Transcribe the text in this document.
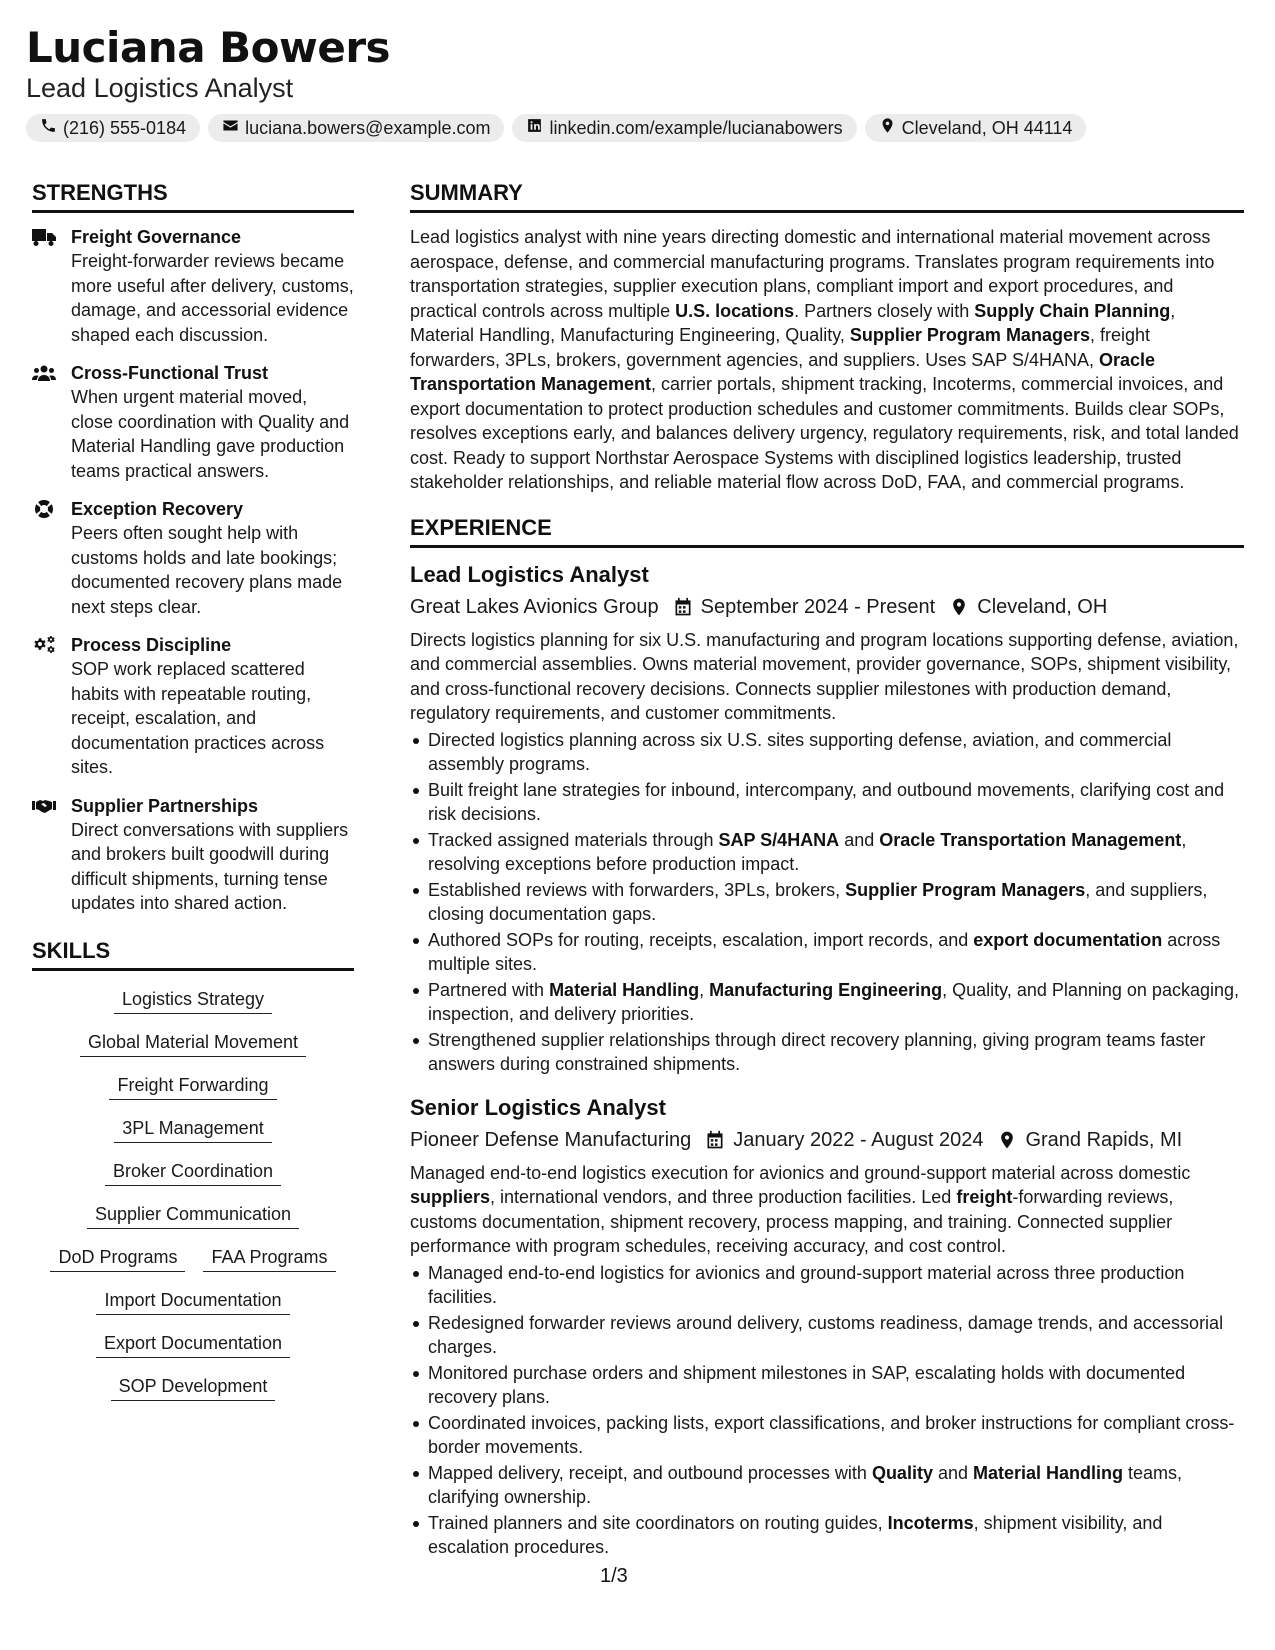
Luciana Bowers
Lead Logistics Analyst
(216) 555-0184	luciana.bowers@example.com	linkedin.com/example/lucianabowers	Cleveland, OH 44114
STRENGTHS
Freight Governance
Freight-forwarder reviews became more useful after delivery, customs, damage, and accessorial evidence shaped each discussion.
Cross-Functional Trust
When urgent material moved, close coordination with Quality and Material Handling gave production teams practical answers.
Exception Recovery
Peers often sought help with customs holds and late bookings; documented recovery plans made next steps clear.
Process Discipline
SOP work replaced scattered habits with repeatable routing, receipt, escalation, and documentation practices across sites.
Supplier Partnerships
Direct conversations with suppliers and brokers built goodwill during difficult shipments, turning tense updates into shared action.
SKILLS
Logistics Strategy
Global Material Movement
Freight Forwarding
3PL Management
Broker Coordination
Supplier Communication
DoD Programs	FAA Programs
Import Documentation
Export Documentation
SOP Development
SUMMARY
Lead logistics analyst with nine years directing domestic and international material movement across aerospace, defense, and commercial manufacturing programs. Translates program requirements into transportation strategies, supplier execution plans, compliant import and export procedures, and practical controls across multiple U.S. locations. Partners closely with Supply Chain Planning, Material Handling, Manufacturing Engineering, Quality, Supplier Program Managers, freight forwarders, 3PLs, brokers, government agencies, and suppliers. Uses SAP S/4HANA, Oracle Transportation Management, carrier portals, shipment tracking, Incoterms, commercial invoices, and export documentation to protect production schedules and customer commitments. Builds clear SOPs, resolves exceptions early, and balances delivery urgency, regulatory requirements, risk, and total landed cost. Ready to support Northstar Aerospace Systems with disciplined logistics leadership, trusted stakeholder relationships, and reliable material flow across DoD, FAA, and commercial programs.
EXPERIENCE
Lead Logistics Analyst
Great Lakes Avionics Group September 2024 - Present Cleveland, OH
Directs logistics planning for six U.S. manufacturing and program locations supporting defense, aviation, and commercial assemblies. Owns material movement, provider governance, SOPs, shipment visibility, and cross-functional recovery decisions. Connects supplier milestones with production demand, regulatory requirements, and customer commitments.
Directed logistics planning across six U.S. sites supporting defense, aviation, and commercial assembly programs.
Built freight lane strategies for inbound, intercompany, and outbound movements, clarifying cost and risk decisions.
Tracked assigned materials through SAP S/4HANA and Oracle Transportation Management, resolving exceptions before production impact.
Established reviews with forwarders, 3PLs, brokers, Supplier Program Managers, and suppliers, closing documentation gaps.
Authored SOPs for routing, receipts, escalation, import records, and export documentation across multiple sites.
Partnered with Material Handling, Manufacturing Engineering, Quality, and Planning on packaging, inspection, and delivery priorities.
Strengthened supplier relationships through direct recovery planning, giving program teams faster answers during constrained shipments.
Senior Logistics Analyst
Pioneer Defense Manufacturing January 2022 - August 2024 Grand Rapids, MI
Managed end-to-end logistics execution for avionics and ground-support material across domestic suppliers, international vendors, and three production facilities. Led freight-forwarding reviews, customs documentation, shipment recovery, process mapping, and training. Connected supplier performance with program schedules, receiving accuracy, and cost control.
Managed end-to-end logistics for avionics and ground-support material across three production facilities.
Redesigned forwarder reviews around delivery, customs readiness, damage trends, and accessorial charges.
Monitored purchase orders and shipment milestones in SAP, escalating holds with documented recovery plans.
Coordinated invoices, packing lists, export classifications, and broker instructions for compliant cross-border movements.
Mapped delivery, receipt, and outbound processes with Quality and Material Handling teams, clarifying ownership.
Trained planners and site coordinators on routing guides, Incoterms, shipment visibility, and escalation procedures.
1/3
